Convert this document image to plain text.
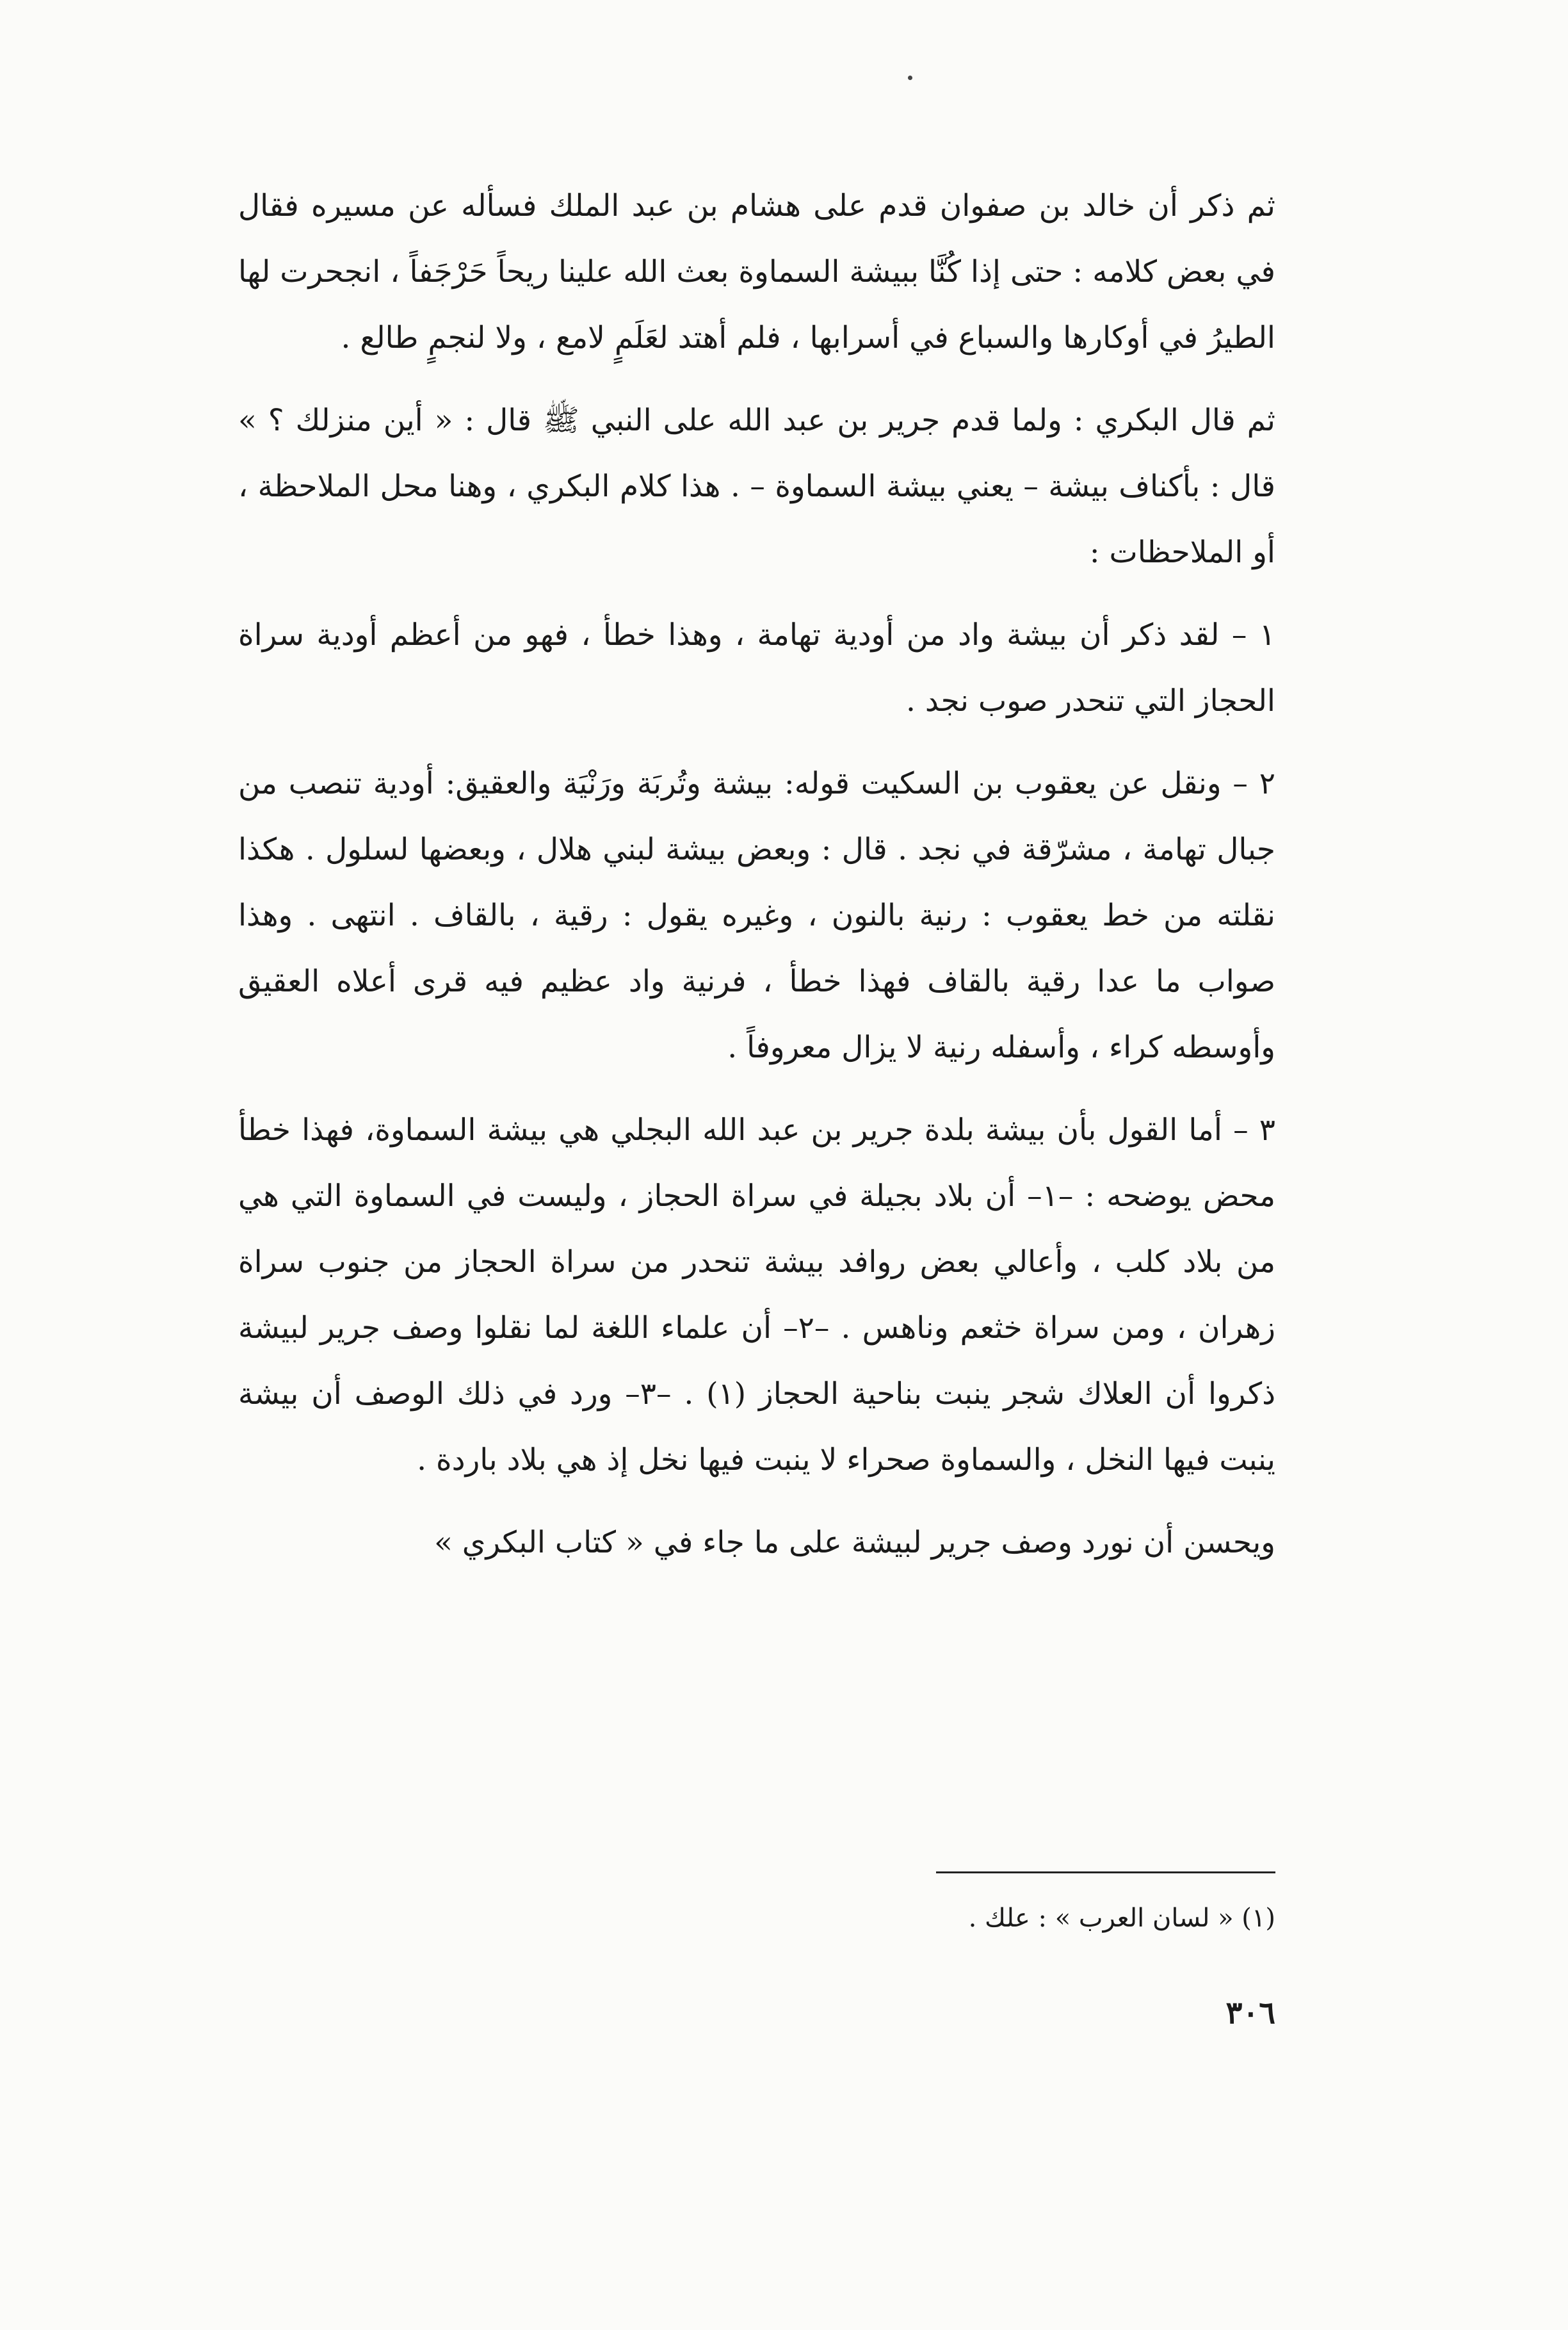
ثم ذكر أن خالد بن صفوان قدم على هشام بن عبد الملك فسأله عن مسيره فقال في بعض كلامه : حتى إذا كُنَّا ببيشة السماوة بعث الله علينا ريحاً حَرْجَفاً ، انجحرت لها الطيرُ في أوكارها والسباع في أسرابها ، فلم أهتد لعَلَمٍ لامع ، ولا لنجمٍ طالع .

ثم قال البكري : ولما قدم جرير بن عبد الله على النبي ﷺ قال : « أين منزلك ؟ » قال : بأكناف بيشة – يعني بيشة السماوة – . هذا كلام البكري ، وهنا محل الملاحظة ، أو الملاحظات :

١ – لقد ذكر أن بيشة واد من أودية تهامة ، وهذا خطأ ، فهو من أعظم أودية سراة الحجاز التي تنحدر صوب نجد .

٢ – ونقل عن يعقوب بن السكيت قوله: بيشة وتُربَة ورَنْيَة والعقيق: أودية تنصب من جبال تهامة ، مشرّقة في نجد . قال : وبعض بيشة لبني هلال ، وبعضها لسلول . هكذا نقلته من خط يعقوب : رنية بالنون ، وغيره يقول : رقية ، بالقاف . انتهى . وهذا صواب ما عدا رقية بالقاف فهذا خطأ ، فرنية واد عظيم فيه قرى أعلاه العقيق وأوسطه كراء ، وأسفله رنية لا يزال معروفاً .

٣ – أما القول بأن بيشة بلدة جرير بن عبد الله البجلي هي بيشة السماوة، فهذا خطأ محض يوضحه : –١– أن بلاد بجيلة في سراة الحجاز ، وليست في السماوة التي هي من بلاد كلب ، وأعالي بعض روافد بيشة تنحدر من سراة الحجاز من جنوب سراة زهران ، ومن سراة خثعم وناهس . –٢– أن علماء اللغة لما نقلوا وصف جرير لبيشة ذكروا أن العلاك شجر ينبت بناحية الحجاز (١) . –٣– ورد في ذلك الوصف أن بيشة ينبت فيها النخل ، والسماوة صحراء لا ينبت فيها نخل إذ هي بلاد باردة .

ويحسن أن نورد وصف جرير لبيشة على ما جاء في « كتاب البكري »

(١) « لسان العرب » : علك .
٣٠٦
